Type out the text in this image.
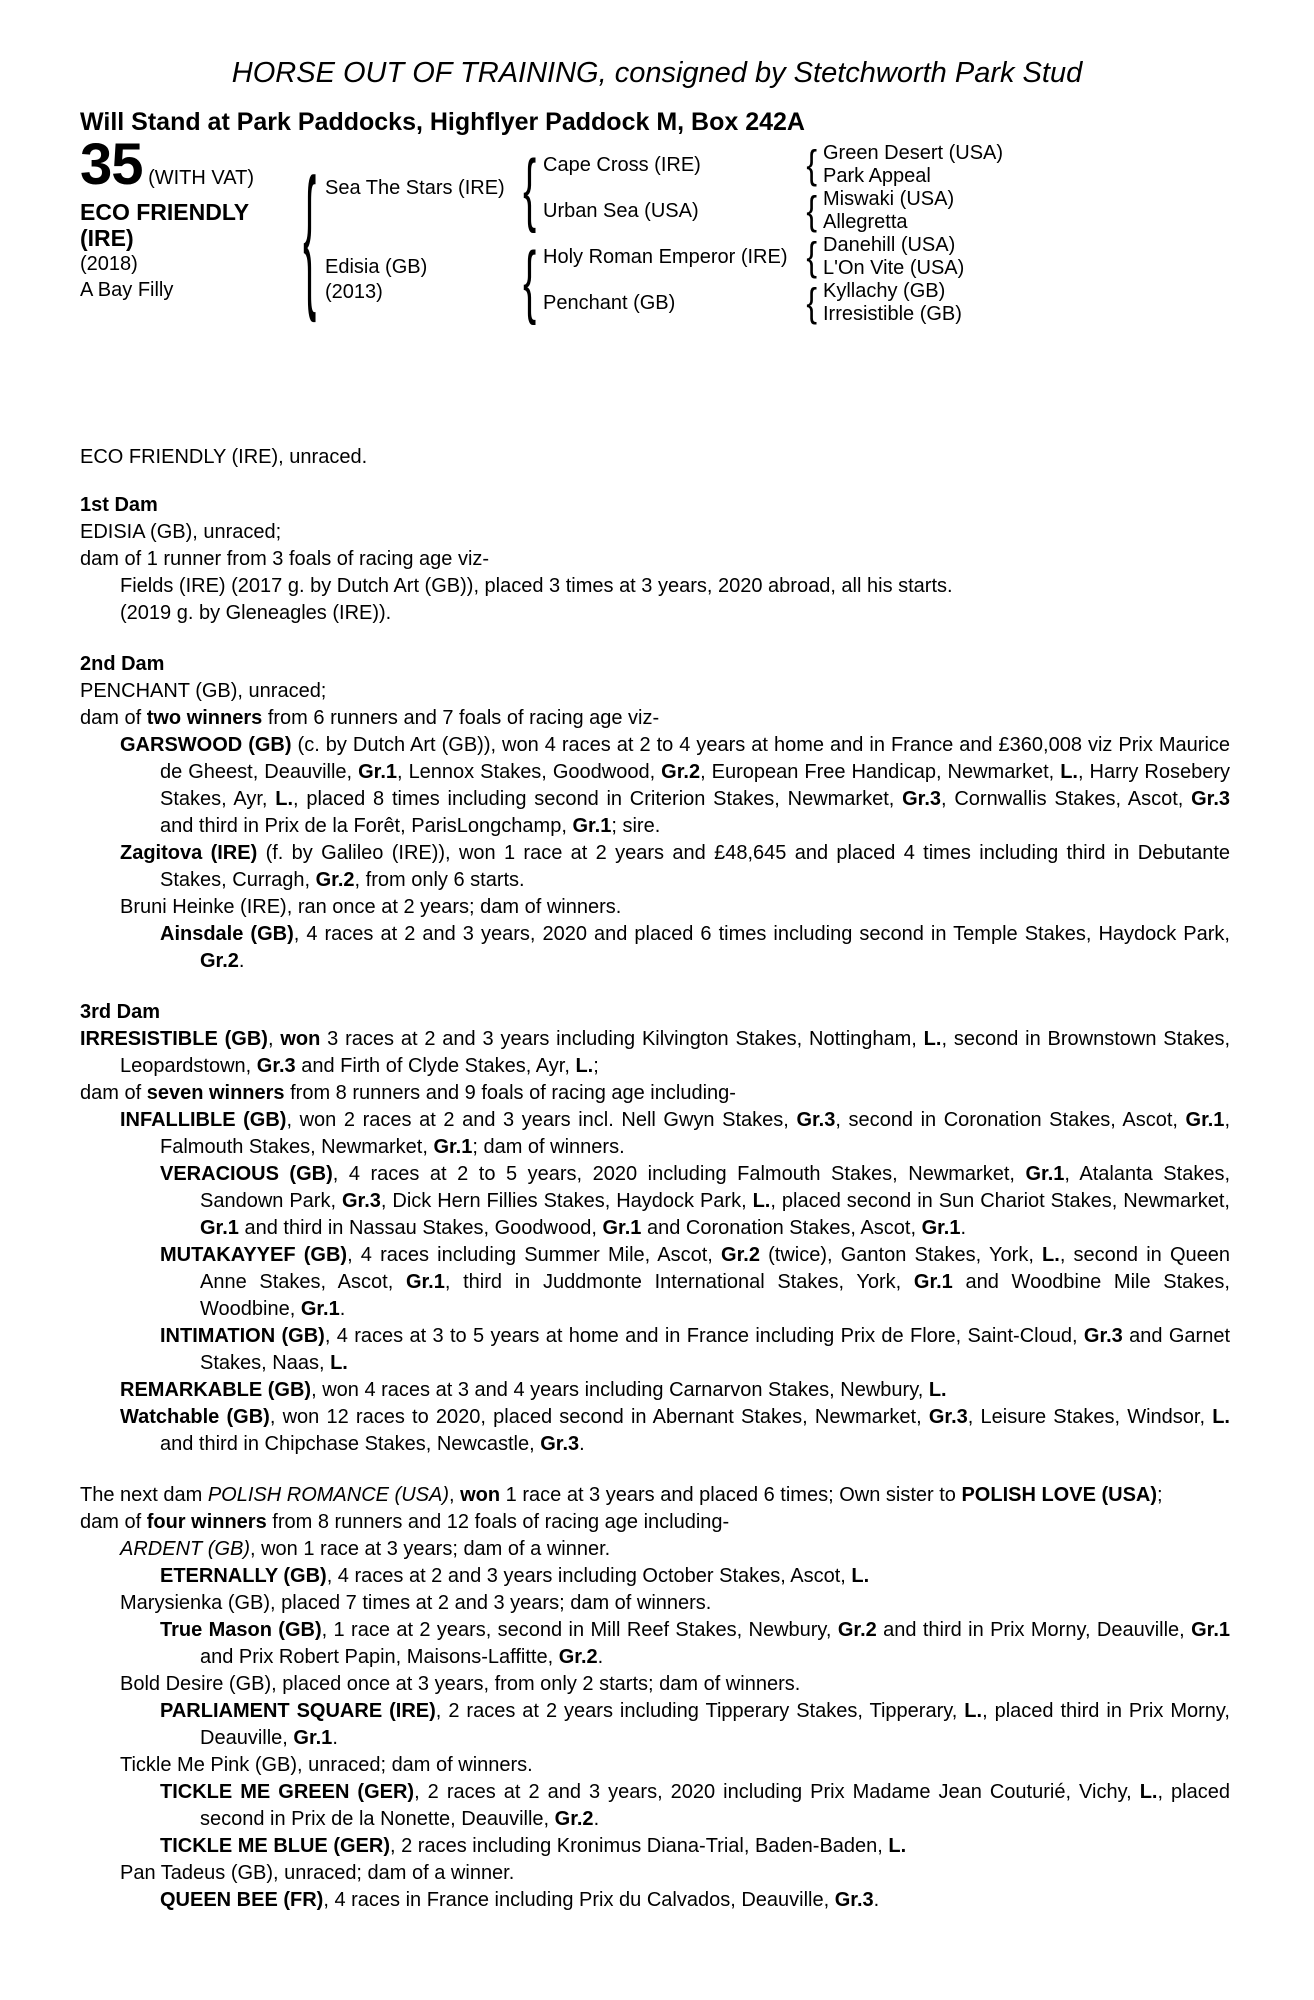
HORSE OUT OF TRAINING, consigned by Stetchworth Park Stud

Will Stand at Park Paddocks, Highflyer Paddock M, Box 242A

35 (WITH VAT)
ECO FRIENDLY
(IRE)
(2018)
A Bay Filly	{ Sea The Stars (IRE)
Edisia (GB)
(2013)
{
{
Cape Cross (IRE)
Urban Sea (USA)
Holy Roman Emperor (IRE)
Penchant (GB)
{
{
{
{
Green Desert (USA)
Park Appeal
Miswaki (USA)
Allegretta
Danehill (USA)
L'On Vite (USA)
Kyllachy (GB)
Irresistible (GB)

ECO FRIENDLY (IRE), unraced.

1st Dam

EDISIA (GB), unraced;

dam of 1 runner from 3 foals of racing age viz-

Fields (IRE) (2017 g. by Dutch Art (GB)), placed 3 times at 3 years, 2020 abroad, all his starts.

(2019 g. by Gleneagles (IRE)).

2nd Dam

PENCHANT (GB), unraced;

dam of two winners from 6 runners and 7 foals of racing age viz-

GARSWOOD (GB) (c. by Dutch Art (GB)), won 4 races at 2 to 4 years at home and in France and £360,008 viz Prix Maurice de Gheest, Deauville, Gr.1, Lennox Stakes, Goodwood, Gr.2, European Free Handicap, Newmarket, L., Harry Rosebery Stakes, Ayr, L., placed 8 times including second in Criterion Stakes, Newmarket, Gr.3, Cornwallis Stakes, Ascot, Gr.3 and third in Prix de la Forêt, ParisLongchamp, Gr.1; sire.

Zagitova (IRE) (f. by Galileo (IRE)), won 1 race at 2 years and £48,645 and placed 4 times including third in Debutante Stakes, Curragh, Gr.2, from only 6 starts.

Bruni Heinke (IRE), ran once at 2 years; dam of winners.

Ainsdale (GB), 4 races at 2 and 3 years, 2020 and placed 6 times including second in Temple Stakes, Haydock Park, Gr.2.

3rd Dam

IRRESISTIBLE (GB), won 3 races at 2 and 3 years including Kilvington Stakes, Nottingham, L., second in Brownstown Stakes, Leopardstown, Gr.3 and Firth of Clyde Stakes, Ayr, L.;

dam of seven winners from 8 runners and 9 foals of racing age including-

INFALLIBLE (GB), won 2 races at 2 and 3 years incl. Nell Gwyn Stakes, Gr.3, second in Coronation Stakes, Ascot, Gr.1, Falmouth Stakes, Newmarket, Gr.1; dam of winners.

VERACIOUS (GB), 4 races at 2 to 5 years, 2020 including Falmouth Stakes, Newmarket, Gr.1, Atalanta Stakes, Sandown Park, Gr.3, Dick Hern Fillies Stakes, Haydock Park, L., placed second in Sun Chariot Stakes, Newmarket, Gr.1 and third in Nassau Stakes, Goodwood, Gr.1 and Coronation Stakes, Ascot, Gr.1.

MUTAKAYYEF (GB), 4 races including Summer Mile, Ascot, Gr.2 (twice), Ganton Stakes, York, L., second in Queen Anne Stakes, Ascot, Gr.1, third in Juddmonte International Stakes, York, Gr.1 and Woodbine Mile Stakes, Woodbine, Gr.1.

INTIMATION (GB), 4 races at 3 to 5 years at home and in France including Prix de Flore, Saint-Cloud, Gr.3 and Garnet Stakes, Naas, L.

REMARKABLE (GB), won 4 races at 3 and 4 years including Carnarvon Stakes, Newbury, L.

Watchable (GB), won 12 races to 2020, placed second in Abernant Stakes, Newmarket, Gr.3, Leisure Stakes, Windsor, L. and third in Chipchase Stakes, Newcastle, Gr.3.

The next dam POLISH ROMANCE (USA), won 1 race at 3 years and placed 6 times; Own sister to POLISH LOVE (USA);

dam of four winners from 8 runners and 12 foals of racing age including-

ARDENT (GB), won 1 race at 3 years; dam of a winner.

ETERNALLY (GB), 4 races at 2 and 3 years including October Stakes, Ascot, L.

Marysienka (GB), placed 7 times at 2 and 3 years; dam of winners.

True Mason (GB), 1 race at 2 years, second in Mill Reef Stakes, Newbury, Gr.2 and third in Prix Morny, Deauville, Gr.1 and Prix Robert Papin, Maisons-Laffitte, Gr.2.

Bold Desire (GB), placed once at 3 years, from only 2 starts; dam of winners.

PARLIAMENT SQUARE (IRE), 2 races at 2 years including Tipperary Stakes, Tipperary, L., placed third in Prix Morny, Deauville, Gr.1.

Tickle Me Pink (GB), unraced; dam of winners.

TICKLE ME GREEN (GER), 2 races at 2 and 3 years, 2020 including Prix Madame Jean Couturié, Vichy, L., placed second in Prix de la Nonette, Deauville, Gr.2.

TICKLE ME BLUE (GER), 2 races including Kronimus Diana-Trial, Baden-Baden, L.

Pan Tadeus (GB), unraced; dam of a winner.

QUEEN BEE (FR), 4 races in France including Prix du Calvados, Deauville, Gr.3.
